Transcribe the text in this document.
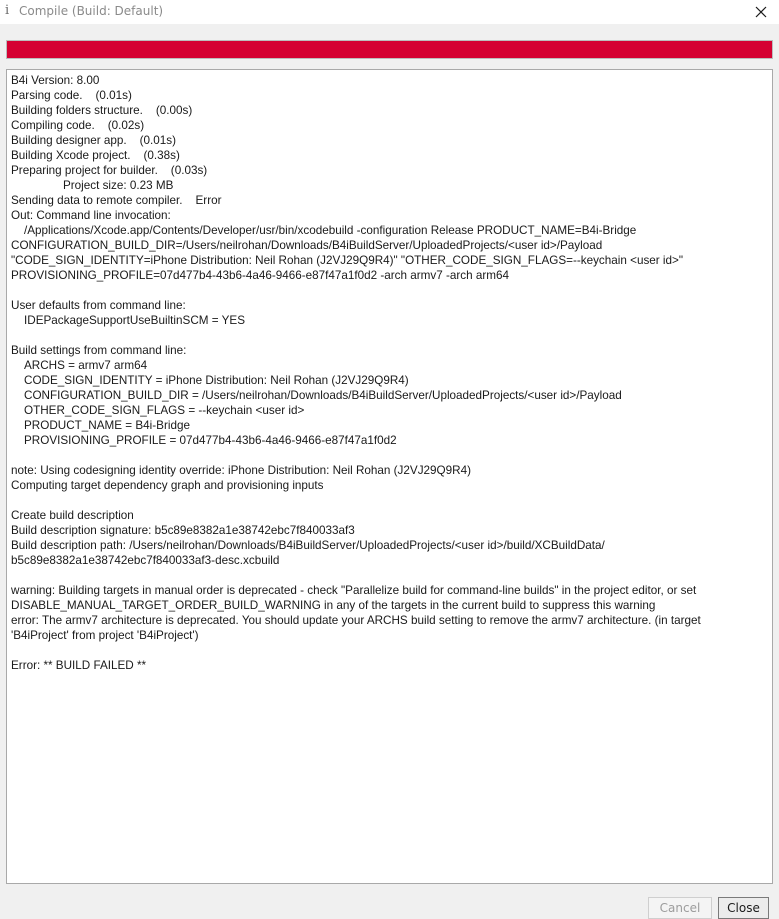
i Compile (Build: Default)
B4i Version: 8.00
Parsing code.    (0.01s)
Building folders structure.    (0.00s)
Compiling code.    (0.02s)
Building designer app.    (0.01s)
Building Xcode project.    (0.38s)
Preparing project for builder.    (0.03s)
Project size: 0.23 MB
Sending data to remote compiler.    Error
Out: Command line invocation:
/Applications/Xcode.app/Contents/Developer/usr/bin/xcodebuild -configuration Release PRODUCT_NAME=B4i-Bridge
CONFIGURATION_BUILD_DIR=/Users/neilrohan/Downloads/B4iBuildServer/UploadedProjects/<user id>/Payload
"CODE_SIGN_IDENTITY=iPhone Distribution: Neil Rohan (J2VJ29Q9R4)" "OTHER_CODE_SIGN_FLAGS=--keychain <user id>"
PROVISIONING_PROFILE=07d477b4-43b6-4a46-9466-e87f47a1f0d2 -arch armv7 -arch arm64

User defaults from command line:
IDEPackageSupportUseBuiltinSCM = YES

Build settings from command line:
ARCHS = armv7 arm64
CODE_SIGN_IDENTITY = iPhone Distribution: Neil Rohan (J2VJ29Q9R4)
CONFIGURATION_BUILD_DIR = /Users/neilrohan/Downloads/B4iBuildServer/UploadedProjects/<user id>/Payload
OTHER_CODE_SIGN_FLAGS = --keychain <user id>
PRODUCT_NAME = B4i-Bridge
PROVISIONING_PROFILE = 07d477b4-43b6-4a46-9466-e87f47a1f0d2

note: Using codesigning identity override: iPhone Distribution: Neil Rohan (J2VJ29Q9R4)
Computing target dependency graph and provisioning inputs

Create build description
Build description signature: b5c89e8382a1e38742ebc7f840033af3
Build description path: /Users/neilrohan/Downloads/B4iBuildServer/UploadedProjects/<user id>/build/XCBuildData/
b5c89e8382a1e38742ebc7f840033af3-desc.xcbuild

warning: Building targets in manual order is deprecated - check "Parallelize build for command-line builds" in the project editor, or set
DISABLE_MANUAL_TARGET_ORDER_BUILD_WARNING in any of the targets in the current build to suppress this warning
error: The armv7 architecture is deprecated. You should update your ARCHS build setting to remove the armv7 architecture. (in target
'B4iProject' from project 'B4iProject')

Error: ** BUILD FAILED **
Cancel	Close
